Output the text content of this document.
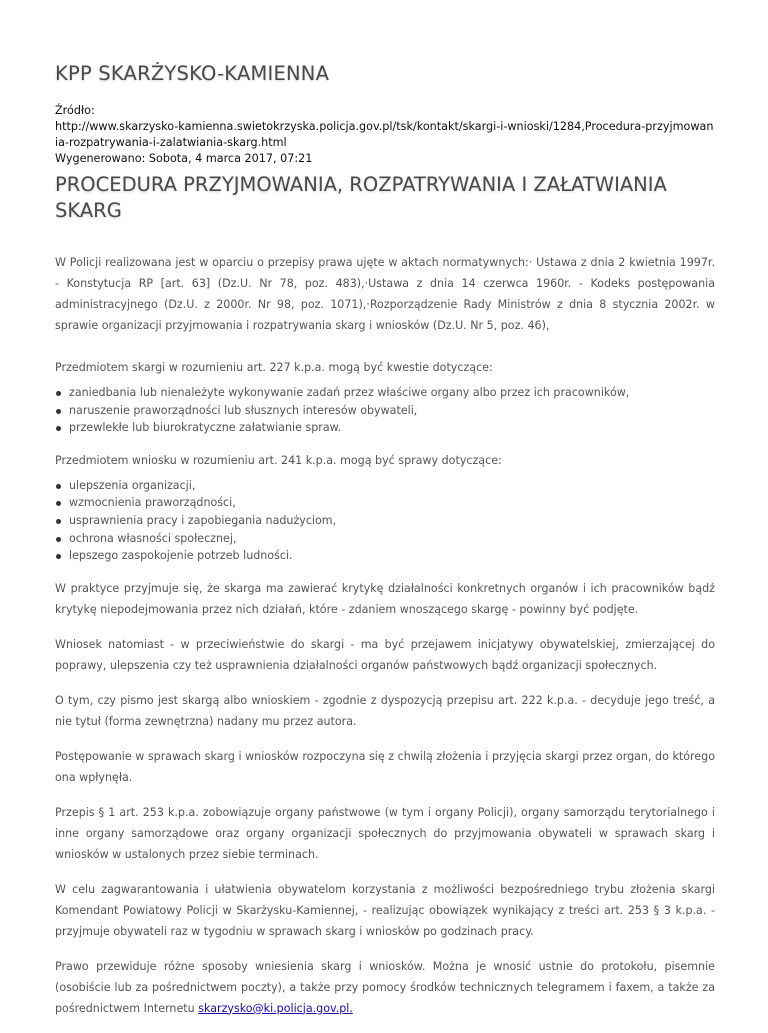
KPP SKARŻYSKO-KAMIENNA
Źródło:
http://www.skarzysko-kamienna.swietokrzyska.policja.gov.pl/tsk/kontakt/skargi-i-wnioski/1284,Procedura-przyjmowania-rozpatrywania-i-zalatwiania-skarg.html
Wygenerowano: Sobota, 4 marca 2017, 07:21
PROCEDURA PRZYJMOWANIA, ROZPATRYWANIA I ZAŁATWIANIA SKARG

W Policji realizowana jest w oparciu o przepisy prawa ujęte w aktach normatywnych:· Ustawa z dnia 2 kwietnia 1997r. - Konstytucja RP [art. 63] (Dz.U. Nr 78, poz. 483),·Ustawa z dnia 14 czerwca 1960r. - Kodeks postępowania administracyjnego (Dz.U. z 2000r. Nr 98, poz. 1071),·Rozporządzenie Rady Ministrów z dnia 8 stycznia 2002r. w sprawie organizacji przyjmowania i rozpatrywania skarg i wniosków (Dz.U. Nr 5, poz. 46),

Przedmiotem skargi w rozumieniu art. 227 k.p.a. mogą być kwestie dotyczące:

zaniedbania lub nienależyte wykonywanie zadań przez właściwe organy albo przez ich pracowników,
naruszenie praworządności lub słusznych interesów obywateli,
przewlekłe lub biurokratyczne załatwianie spraw.

Przedmiotem wniosku w rozumieniu art. 241 k.p.a. mogą być sprawy dotyczące:

ulepszenia organizacji,
wzmocnienia praworządności,
usprawnienia pracy i zapobiegania nadużyciom,
ochrona własności społecznej,
lepszego zaspokojenie potrzeb ludności.

W praktyce przyjmuje się, że skarga ma zawierać krytykę działalności konkretnych organów i ich pracowników bądź krytykę niepodejmowania przez nich działań, które - zdaniem wnoszącego skargę - powinny być podjęte.

Wniosek natomiast - w przeciwieństwie do skargi - ma być przejawem inicjatywy obywatelskiej, zmierzającej do poprawy, ulepszenia czy też usprawnienia działalności organów państwowych bądź organizacji społecznych.

O tym, czy pismo jest skargą albo wnioskiem - zgodnie z dyspozycją przepisu art. 222 k.p.a. - decyduje jego treść, a nie tytuł (forma zewnętrzna) nadany mu przez autora.

Postępowanie w sprawach skarg i wniosków rozpoczyna się z chwilą złożenia i przyjęcia skargi przez organ, do którego ona wpłynęła.

Przepis § 1 art. 253 k.p.a. zobowiązuje organy państwowe (w tym i organy Policji), organy samorządu terytorialnego i inne organy samorządowe oraz organy organizacji społecznych do przyjmowania obywateli w sprawach skarg i wniosków w ustalonych przez siebie terminach.

W celu zagwarantowania i ułatwienia obywatelom korzystania z możliwości bezpośredniego trybu złożenia skargi Komendant Powiatowy Policji w Skarżysku-Kamiennej, - realizując obowiązek wynikający z treści art. 253 § 3 k.p.a. - przyjmuje obywateli raz w tygodniu w sprawach skarg i wniosków po godzinach pracy.

Prawo przewiduje różne sposoby wniesienia skarg i wniosków. Można je wnosić ustnie do protokołu, pisemnie (osobiście lub za pośrednictwem poczty), a także przy pomocy środków technicznych telegramem i faxem, a także za pośrednictwem Internetu skarzysko@ki.policja.gov.pl.
